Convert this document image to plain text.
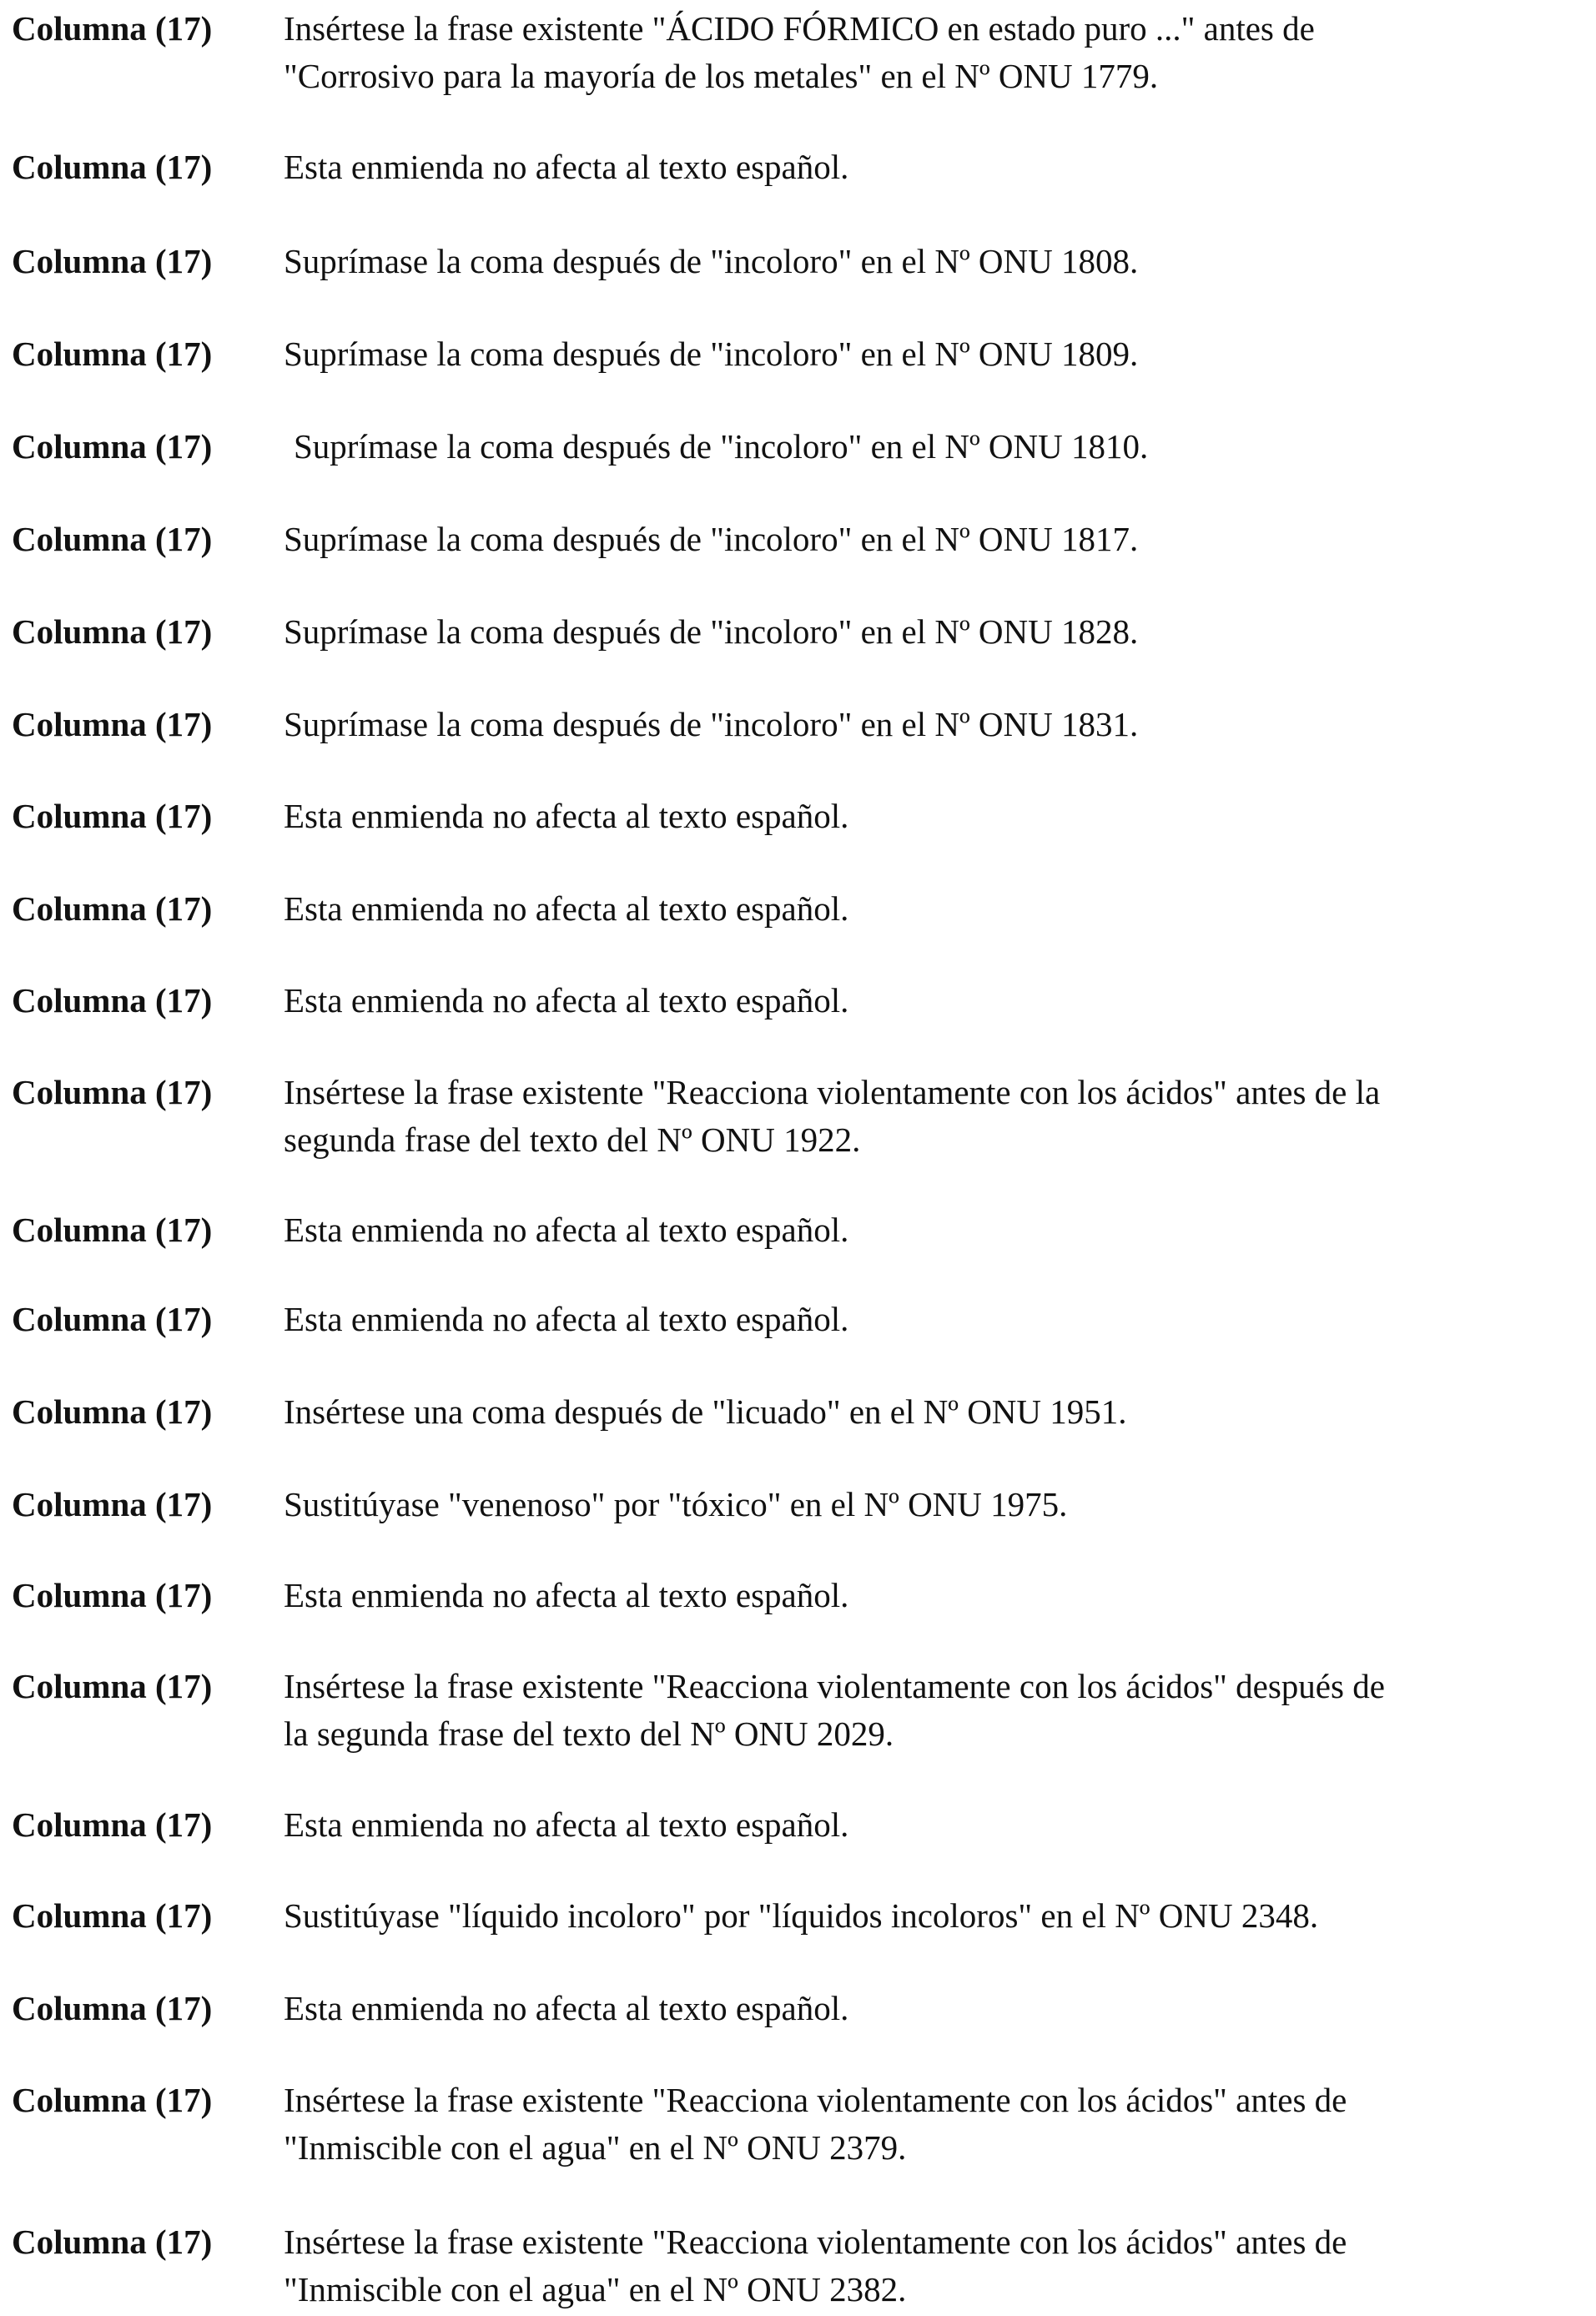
Columna (17)	Insértese la frase existente "ÁCIDO FÓRMICO en estado puro ..." antes de
"Corrosivo para la mayoría de los metales" en el Nº ONU 1779.
Columna (17)	Esta enmienda no afecta al texto español.
Columna (17)	Suprímase la coma después de "incoloro" en el Nº ONU 1808.
Columna (17)	Suprímase la coma después de "incoloro" en el Nº ONU 1809.
Columna (17)	Suprímase la coma después de "incoloro" en el Nº ONU 1810.
Columna (17)	Suprímase la coma después de "incoloro" en el Nº ONU 1817.
Columna (17)	Suprímase la coma después de "incoloro" en el Nº ONU 1828.
Columna (17)	Suprímase la coma después de "incoloro" en el Nº ONU 1831.
Columna (17)	Esta enmienda no afecta al texto español.
Columna (17)	Esta enmienda no afecta al texto español.
Columna (17)	Esta enmienda no afecta al texto español.
Columna (17)	Insértese la frase existente "Reacciona violentamente con los ácidos" antes de la
segunda frase del texto del Nº ONU 1922.
Columna (17)	Esta enmienda no afecta al texto español.
Columna (17)	Esta enmienda no afecta al texto español.
Columna (17)	Insértese una coma después de "licuado" en el Nº ONU 1951.
Columna (17)	Sustitúyase "venenoso" por "tóxico" en el Nº ONU 1975.
Columna (17)	Esta enmienda no afecta al texto español.
Columna (17)	Insértese la frase existente "Reacciona violentamente con los ácidos" después de
la segunda frase del texto del Nº ONU 2029.
Columna (17)	Esta enmienda no afecta al texto español.
Columna (17)	Sustitúyase "líquido incoloro" por "líquidos incoloros" en el Nº ONU 2348.
Columna (17)	Esta enmienda no afecta al texto español.
Columna (17)	Insértese la frase existente "Reacciona violentamente con los ácidos" antes de
"Inmiscible con el agua" en el Nº ONU 2379.
Columna (17)	Insértese la frase existente "Reacciona violentamente con los ácidos" antes de
"Inmiscible con el agua" en el Nº ONU 2382.
